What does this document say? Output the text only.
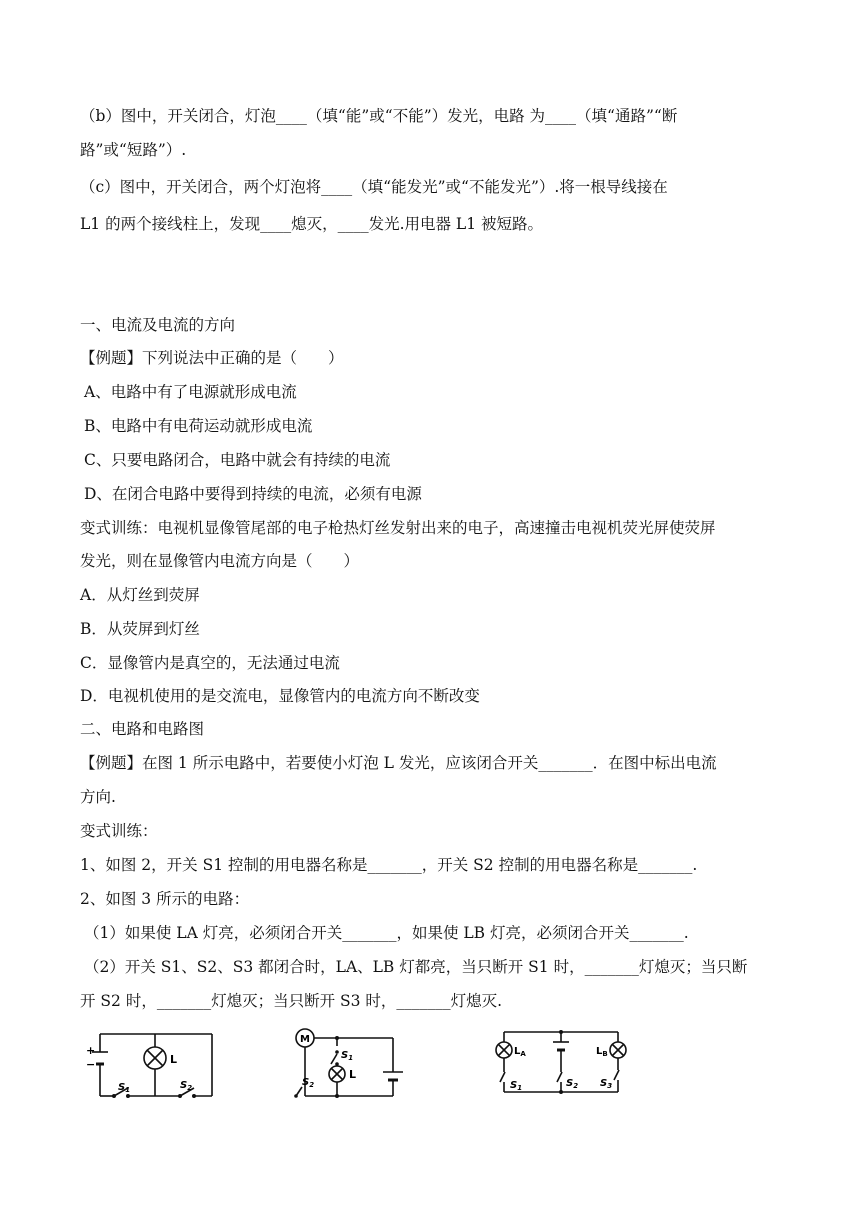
（b）图中，开关闭合，灯泡____（填“能”或“不能”）发光，电路 为____（填“通路”“断
路”或“短路”）.
（c）图中，开关闭合，两个灯泡将____（填“能发光”或“不能发光”）.将一根导线接在
L1 的两个接线柱上，发现____熄灭，____发光.用电器 L1 被短路。
一、电流及电流的方向
【例题】下列说法中正确的是（　　）
A、电路中有了电源就形成电流
B、电路中有电荷运动就形成电流
C、只要电路闭合，电路中就会有持续的电流
D、在闭合电路中要得到持续的电流，必须有电源
变式训练：电视机显像管尾部的电子枪热灯丝发射出来的电子，高速撞击电视机荧光屏使荧屏
发光，则在显像管内电流方向是（　　）
A．从灯丝到荧屏
B．从荧屏到灯丝
C．显像管内是真空的，无法通过电流
D．电视机使用的是交流电，显像管内的电流方向不断改变
二、电路和电路图
【例题】在图 1 所示电路中，若要使小灯泡 L 发光，应该闭合开关_______．在图中标出电流
方向.
变式训练：
1、如图 2，开关 S1 控制的用电器名称是_______，开关 S2 控制的用电器名称是_______.
2、如图 3 所示的电路：
（1）如果使 LA 灯亮，必须闭合开关_______，如果使 LB 灯亮，必须闭合开关_______.
（2）开关 S1、S2、S3 都闭合时，LA、LB 灯都亮，当只断开 S1 时，_______灯熄灭；当只断
开 S2 时，_______灯熄灭；当只断开 S3 时，_______灯熄灭.
+
−	L
$S_1$	$S_2$
M
$S_1$
L
$S_2$
$L_A$	$L_B$
$S_1$	$S_2$ $S_3$
